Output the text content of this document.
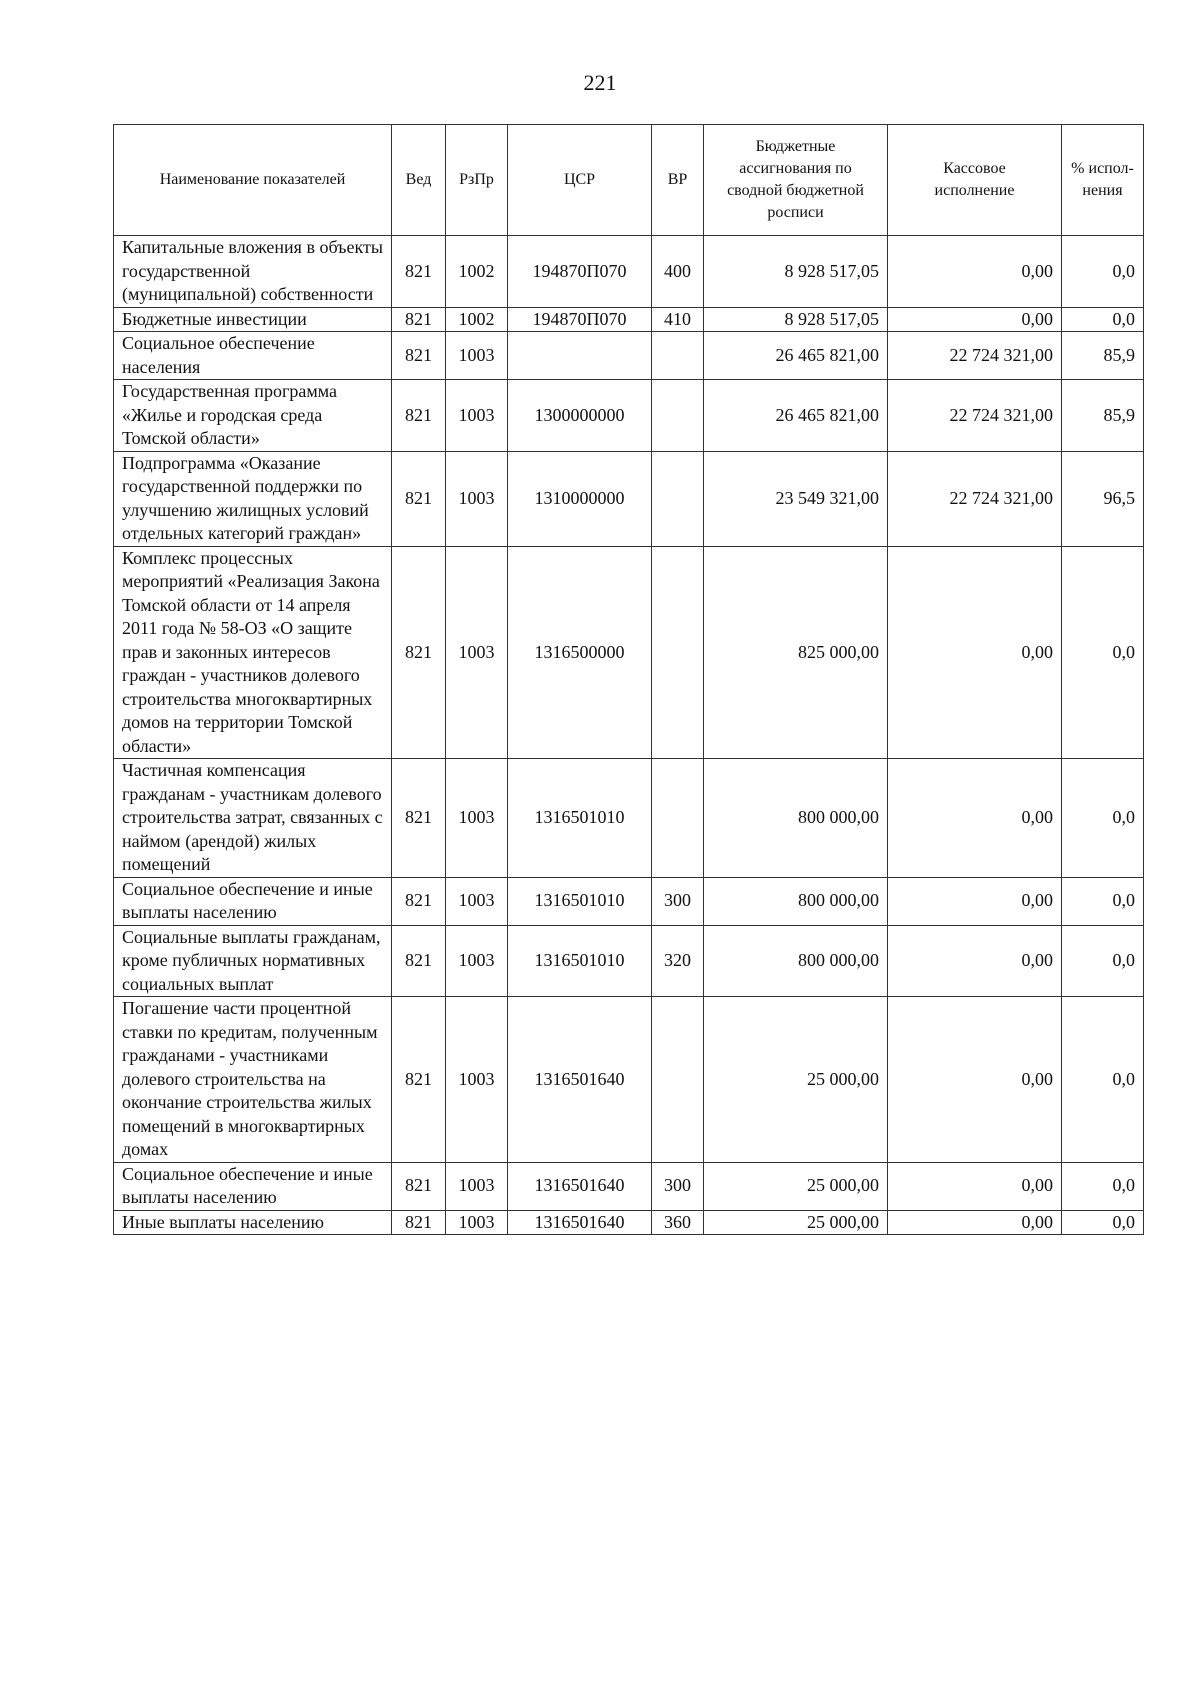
221
Наименование показателей	Вед	РзПр	ЦСР	ВР	Бюджетные ассигнования по сводной бюджетной росписи	Кассовое исполнение	% испол-нения
Капитальные вложения в объекты государственной (муниципальной) собственности	821	1002	194870П070	400	8 928 517,05	0,00	0,0
Бюджетные инвестиции	821	1002	194870П070	410	8 928 517,05	0,00	0,0
Социальное обеспечение населения	821	1003			26 465 821,00	22 724 321,00	85,9
Государственная программа «Жилье и городская среда Томской области»	821	1003	1300000000		26 465 821,00	22 724 321,00	85,9
Подпрограмма «Оказание государственной поддержки по улучшению жилищных условий отдельных категорий граждан»	821	1003	1310000000		23 549 321,00	22 724 321,00	96,5
Комплекс процессных мероприятий «Реализация Закона Томской области от 14 апреля 2011 года № 58-ОЗ «О защите прав и законных интересов граждан - участников долевого строительства многоквартирных домов на территории Томской области»	821	1003	1316500000		825 000,00	0,00	0,0
Частичная компенсация гражданам - участникам долевого строительства затрат, связанных с наймом (арендой) жилых помещений	821	1003	1316501010		800 000,00	0,00	0,0
Социальное обеспечение и иные выплаты населению	821	1003	1316501010	300	800 000,00	0,00	0,0
Социальные выплаты гражданам, кроме публичных нормативных социальных выплат	821	1003	1316501010	320	800 000,00	0,00	0,0
Погашение части процентной ставки по кредитам, полученным гражданами - участниками долевого строительства на окончание строительства жилых помещений в многоквартирных домах	821	1003	1316501640		25 000,00	0,00	0,0
Социальное обеспечение и иные выплаты населению	821	1003	1316501640	300	25 000,00	0,00	0,0
Иные выплаты населению	821	1003	1316501640	360	25 000,00	0,00	0,0
